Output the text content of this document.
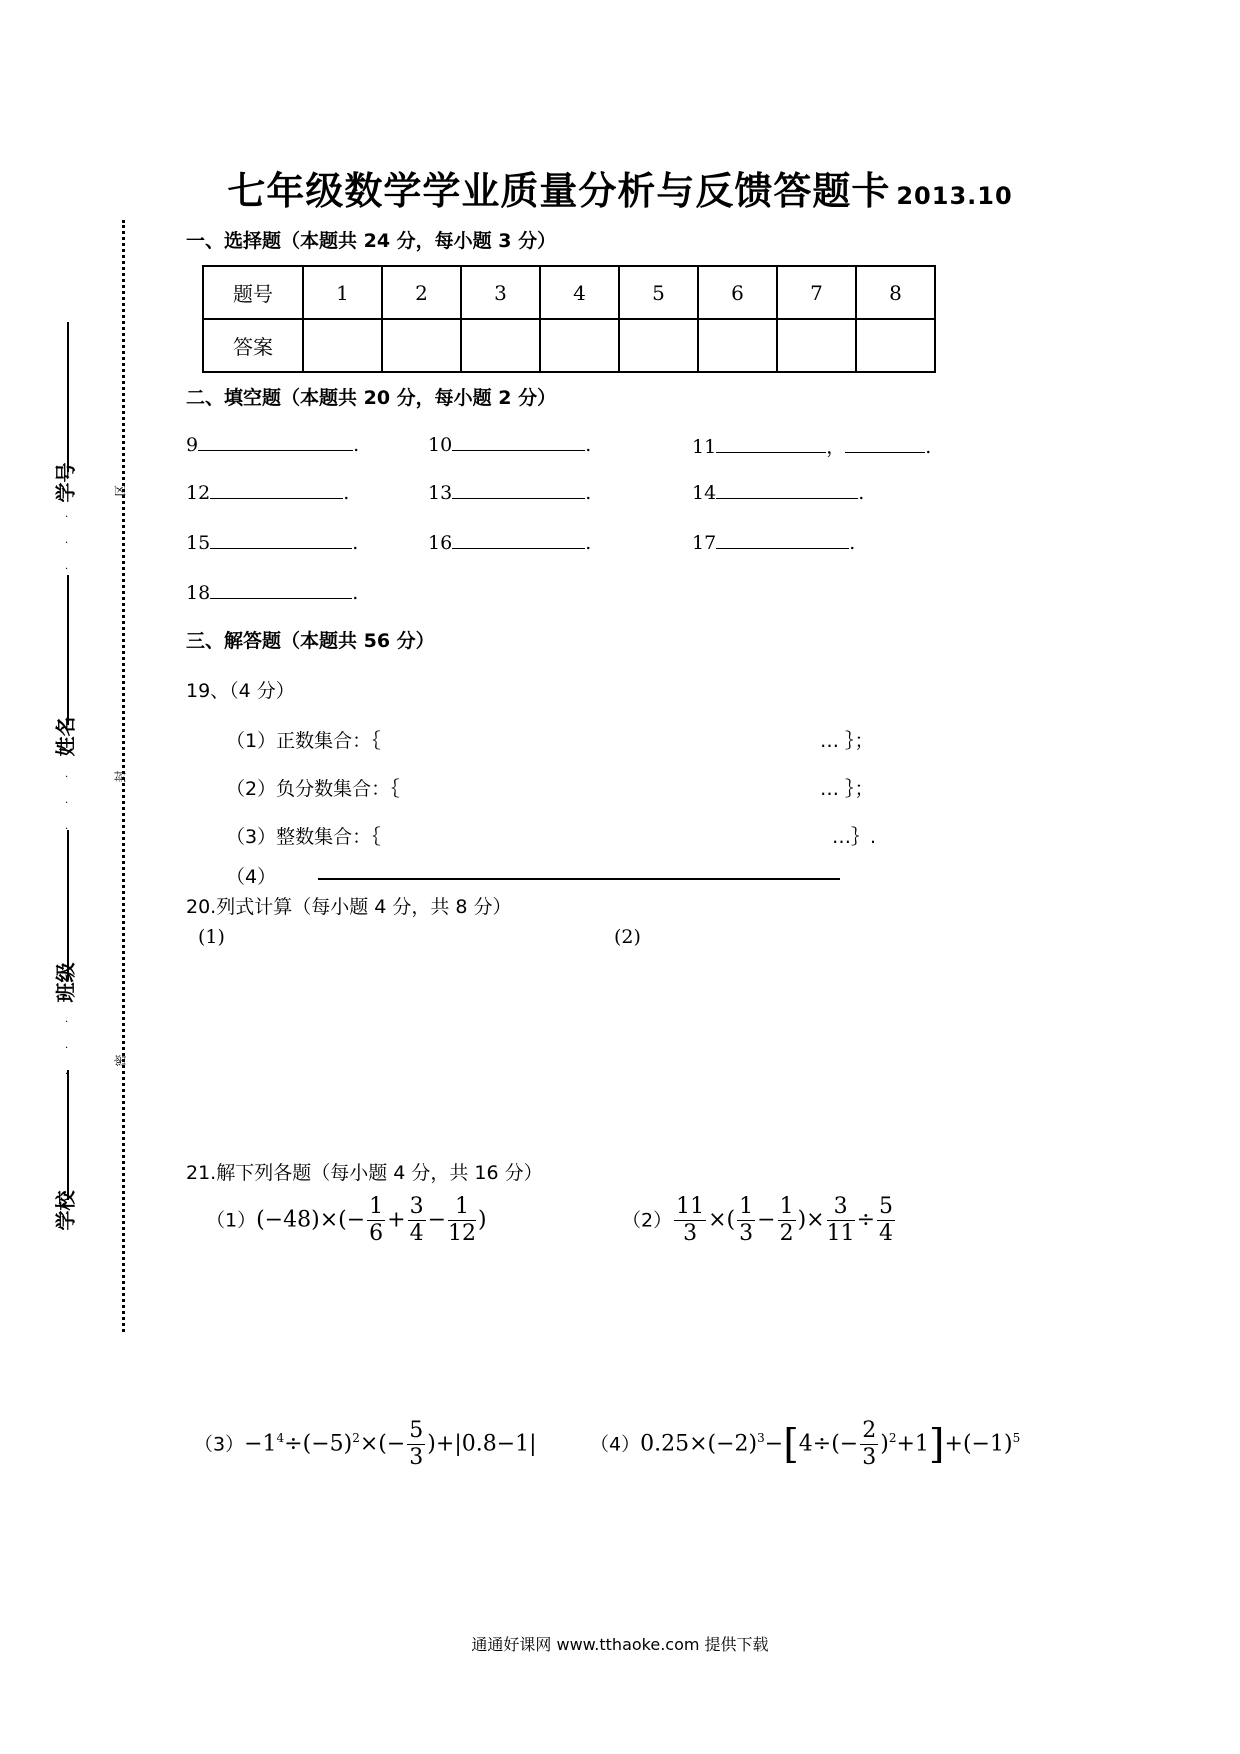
学号
姓名
班级
学校
区
封
密
·
·
·
·
·
·
·
·
·
七年级数学学业质量分析与反馈答题卡 2013.10
一、选择题（本题共 24 分，每小题 3 分）
题号	1	2	3	4	5	6	7	8
答案								
二、填空题（本题共 20 分，每小题 2 分）
9	.	10	.	11	，	.
12	.	13	.	14	.
15	.	16	.	17	.
18	.
三、解答题（本题共 56 分）
19、（4 分）
（1）正数集合：｛	… ｝；
（2）负分数集合：｛	… ｝；
（3）整数集合：｛	…｝.
（4）
20.列式计算（每小题 4 分，共 8 分）
(1)	(2)
21.解下列各题（每小题 4 分，共 16 分）
$(1)(-48)\times(- \frac{1}{6} + \frac{3}{4} - \frac{1}{12}$ )	$(2) \frac{11}{3}$ ×( $\frac{1}{3} - \frac{1}{2}$ )× $\frac{3}{11} \div \frac{5}{4}$
$(3)-1^4\div(-5)^2\times(- \frac{5}{3} )+|0.8-1|$	$(4)0.25\times(-2)^3-[4\div(- \frac{2}{3} )^2+1]+(-1)^5$
通通好课网 www.tthaoke.com 提供下载
